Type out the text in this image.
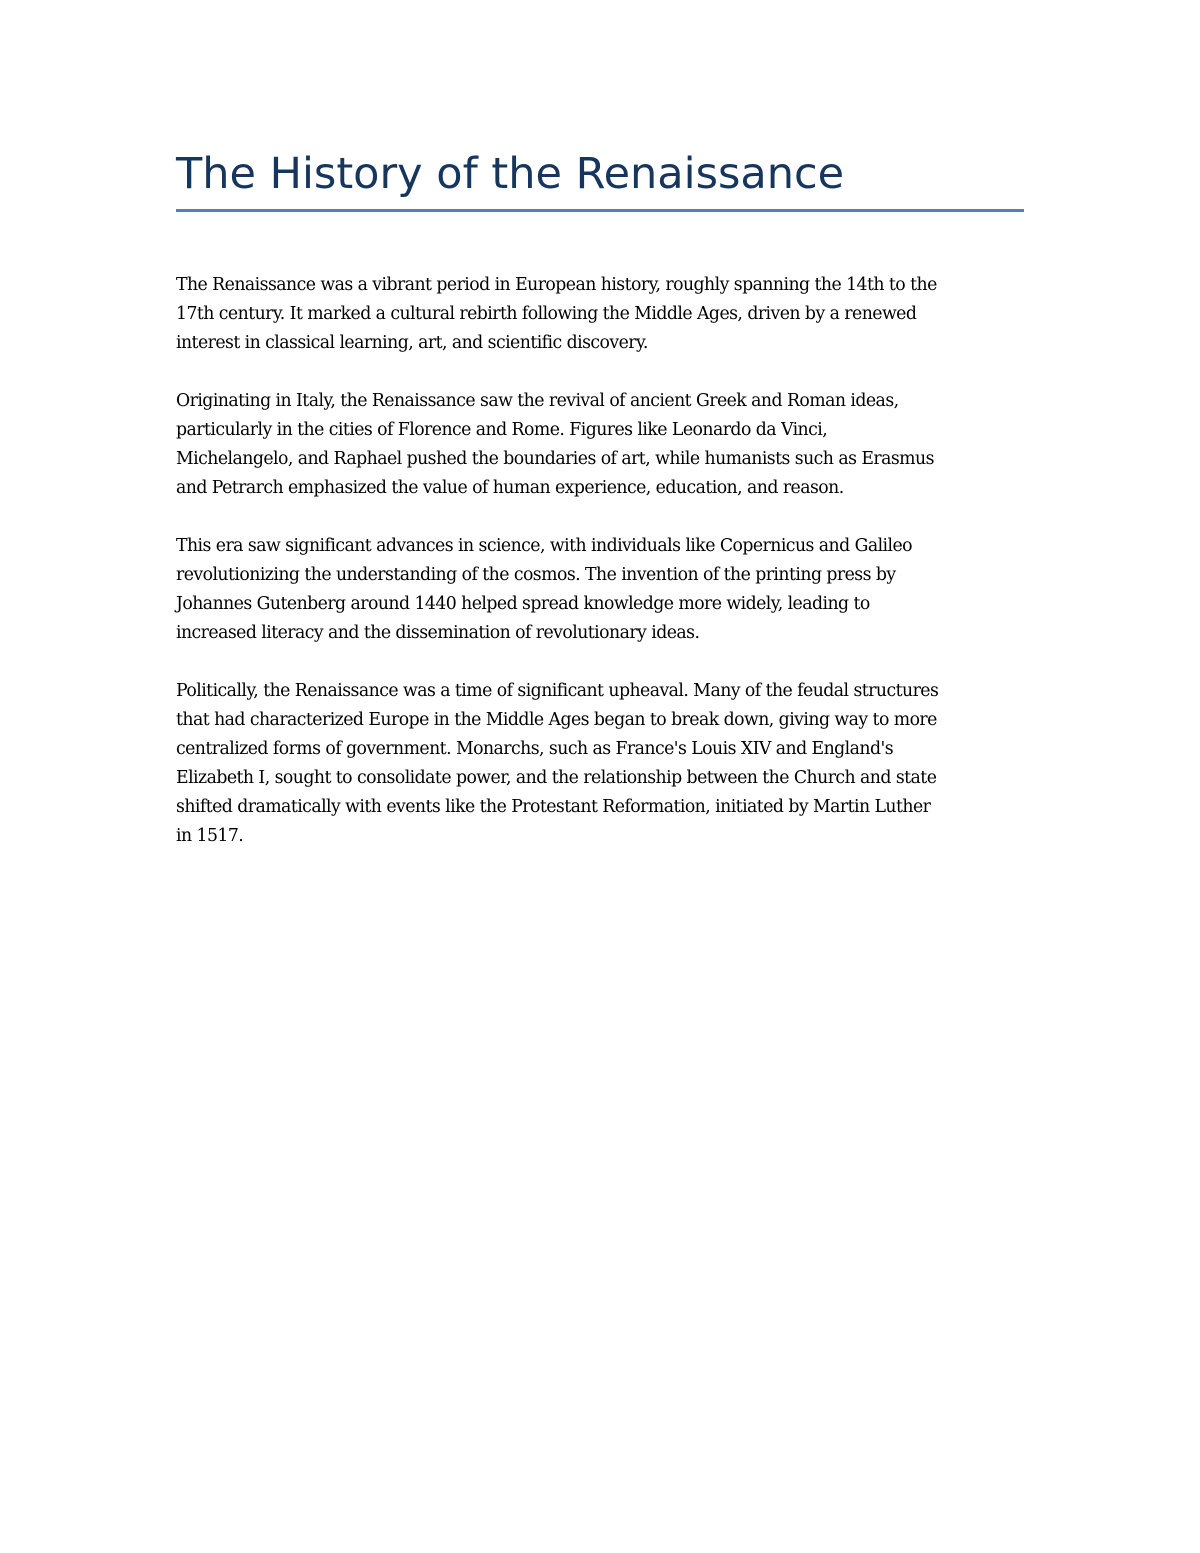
The History of the Renaissance

The Renaissance was a vibrant period in European history, roughly spanning the 14th to the
17th century. It marked a cultural rebirth following the Middle Ages, driven by a renewed
interest in classical learning, art, and scientific discovery.

Originating in Italy, the Renaissance saw the revival of ancient Greek and Roman ideas,
particularly in the cities of Florence and Rome. Figures like Leonardo da Vinci,
Michelangelo, and Raphael pushed the boundaries of art, while humanists such as Erasmus
and Petrarch emphasized the value of human experience, education, and reason.

This era saw significant advances in science, with individuals like Copernicus and Galileo
revolutionizing the understanding of the cosmos. The invention of the printing press by
Johannes Gutenberg around 1440 helped spread knowledge more widely, leading to
increased literacy and the dissemination of revolutionary ideas.

Politically, the Renaissance was a time of significant upheaval. Many of the feudal structures
that had characterized Europe in the Middle Ages began to break down, giving way to more
centralized forms of government. Monarchs, such as France's Louis XIV and England's
Elizabeth I, sought to consolidate power, and the relationship between the Church and state
shifted dramatically with events like the Protestant Reformation, initiated by Martin Luther
in 1517.
